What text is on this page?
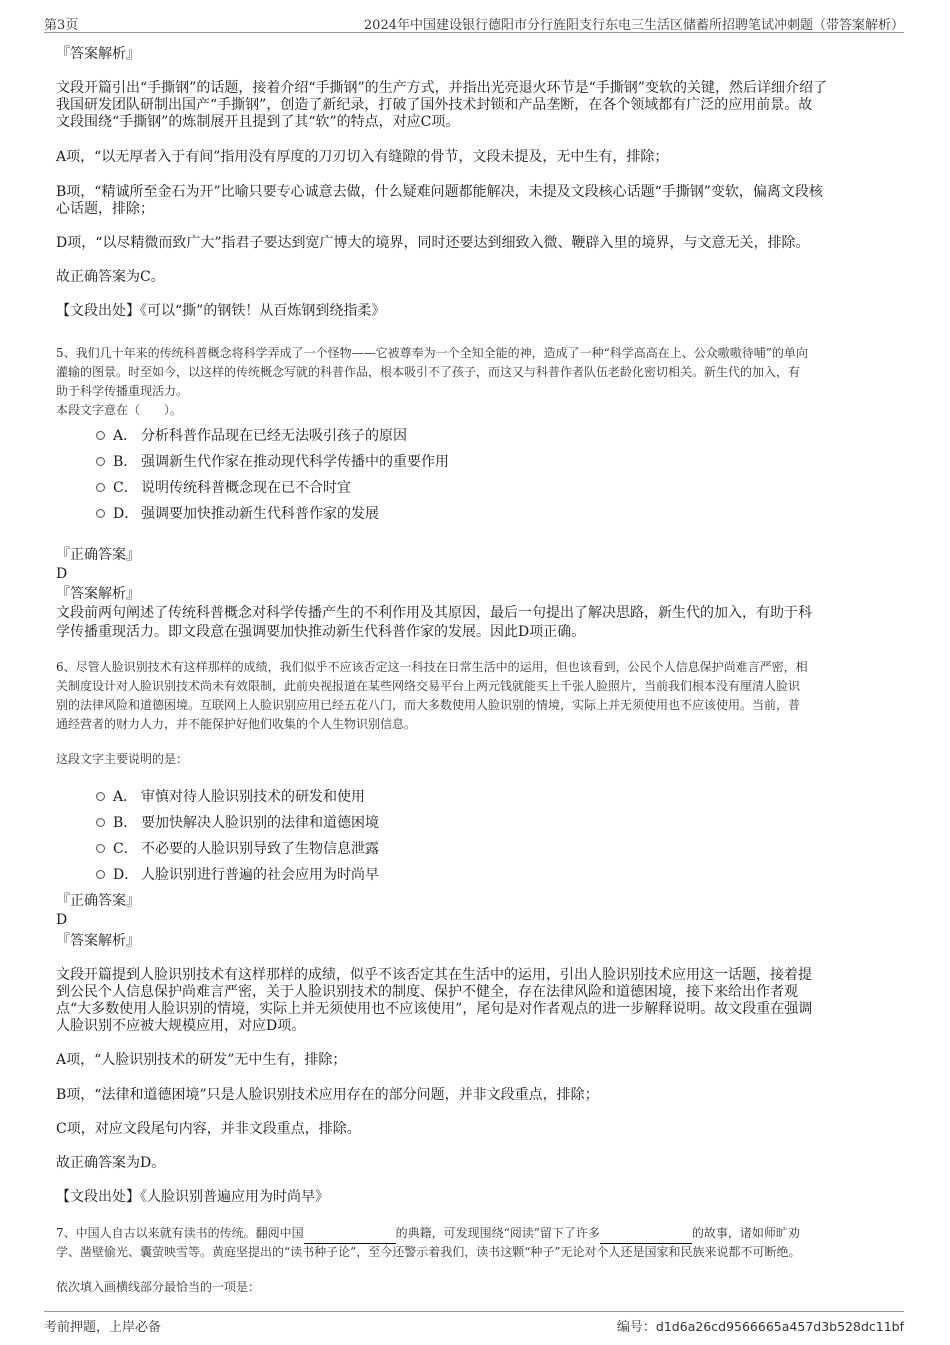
第3页	2024年中国建设银行德阳市分行旌阳支行东电三生活区储蓄所招聘笔试冲刺题（带答案解析）
『答案解析』
文段开篇引出“手撕钢”的话题，接着介绍“手撕钢”的生产方式，并指出光亮退火环节是“手撕钢”变软的关键，然后详细介绍了
我国研发团队研制出国产“手撕钢”，创造了新纪录，打破了国外技术封锁和产品垄断，在各个领域都有广泛的应用前景。故
文段围绕“手撕钢”的炼制展开且提到了其“软”的特点，对应C项。
A项，“以无厚者入于有间”指用没有厚度的刀刃切入有缝隙的骨节，文段未提及，无中生有，排除；
B项，“精诚所至金石为开”比喻只要专心诚意去做，什么疑难问题都能解决，未提及文段核心话题“手撕钢”变软，偏离文段核
心话题，排除；
D项，“以尽精微而致广大”指君子要达到宽广博大的境界，同时还要达到细致入微、鞭辟入里的境界，与文意无关，排除。
故正确答案为C。
【文段出处】《可以“撕”的钢铁！从百炼钢到绕指柔》
5、我们几十年来的传统科普概念将科学弄成了一个怪物——它被尊奉为一个全知全能的神，造成了一种“科学高高在上、公众嗷嗷待哺”的单向
灌输的图景。时至如今，以这样的传统概念写就的科普作品，根本吸引不了孩子，而这又与科普作者队伍老龄化密切相关。新生代的加入，有
助于科学传播重现活力。
本段文字意在（　　）。
A． 分析科普作品现在已经无法吸引孩子的原因
B． 强调新生代作家在推动现代科学传播中的重要作用
C． 说明传统科普概念现在已不合时宜
D． 强调要加快推动新生代科普作家的发展
『正确答案』
D
『答案解析』
文段前两句阐述了传统科普概念对科学传播产生的不利作用及其原因，最后一句提出了解决思路，新生代的加入，有助于科
学传播重现活力。即文段意在强调要加快推动新生代科普作家的发展。因此D项正确。
6、尽管人脸识别技术有这样那样的成绩，我们似乎不应该否定这一科技在日常生活中的运用，但也该看到，公民个人信息保护尚难言严密，相
关制度设计对人脸识别技术尚未有效限制，此前央视报道在某些网络交易平台上两元钱就能买上千张人脸照片，当前我们根本没有厘清人脸识
别的法律风险和道德困境。互联网上人脸识别应用已经五花八门，而大多数使用人脸识别的情境，实际上并无须使用也不应该使用。当前，普
通经营者的财力人力，并不能保护好他们收集的个人生物识别信息。
这段文字主要说明的是：
A． 审慎对待人脸识别技术的研发和使用
B． 要加快解决人脸识别的法律和道德困境
C． 不必要的人脸识别导致了生物信息泄露
D． 人脸识别进行普遍的社会应用为时尚早
『正确答案』
D
『答案解析』
文段开篇提到人脸识别技术有这样那样的成绩，似乎不该否定其在生活中的运用，引出人脸识别技术应用这一话题，接着提
到公民个人信息保护尚难言严密，关于人脸识别技术的制度、保护不健全，存在法律风险和道德困境，接下来给出作者观
点“大多数使用人脸识别的情境，实际上并无须使用也不应该使用”，尾句是对作者观点的进一步解释说明。故文段重在强调
人脸识别不应被大规模应用，对应D项。
A项，“人脸识别技术的研发”无中生有，排除；
B项，“法律和道德困境”只是人脸识别技术应用存在的部分问题，并非文段重点，排除；
C项，对应文段尾句内容，并非文段重点，排除。
故正确答案为D。
【文段出处】《人脸识别普遍应用为时尚早》
7、中国人自古以来就有读书的传统。翻阅中国	的典籍，可发现围绕“阅读”留下了许多	的故事，诸如师旷劝
学、凿壁偷光、囊萤映雪等。黄庭坚提出的“读书种子论”，至今还警示着我们，读书这颗“种子”无论对个人还是国家和民族来说都不可断绝。
依次填入画横线部分最恰当的一项是：
考前押题，上岸必备	编号：d1d6a26cd9566665a457d3b528dc11bf
